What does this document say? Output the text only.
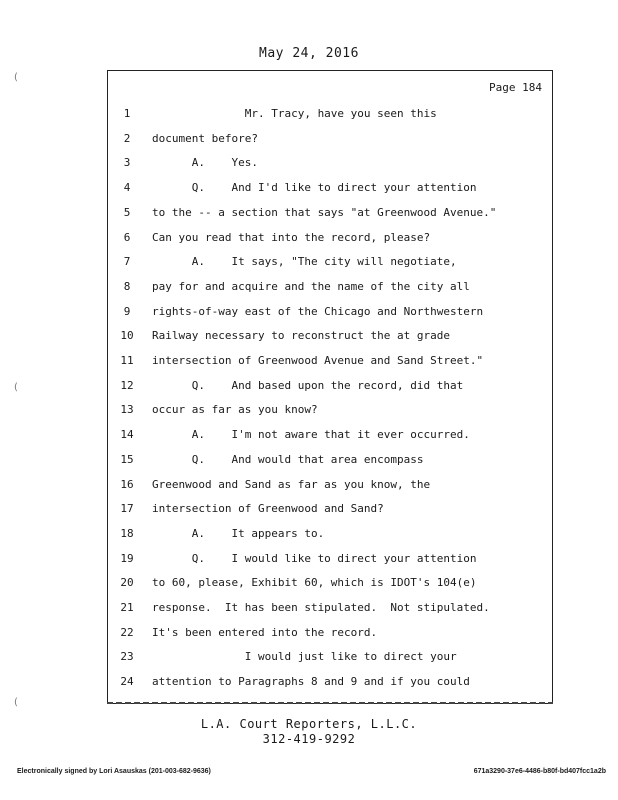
May 24, 2016
(
(
(
Page 184
1	Mr. Tracy, have you seen this
2	document before?
3	A.    Yes.
4	Q.    And I'd like to direct your attention
5	to the -- a section that says "at Greenwood Avenue."
6	Can you read that into the record, please?
7	A.    It says, "The city will negotiate,
8	pay for and acquire and the name of the city all
9	rights-of-way east of the Chicago and Northwestern
10	Railway necessary to reconstruct the at grade
11	intersection of Greenwood Avenue and Sand Street."
12	Q.    And based upon the record, did that
13	occur as far as you know?
14	A.    I'm not aware that it ever occurred.
15	Q.    And would that area encompass
16	Greenwood and Sand as far as you know, the
17	intersection of Greenwood and Sand?
18	A.    It appears to.
19	Q.    I would like to direct your attention
20	to 60, please, Exhibit 60, which is IDOT's 104(e)
21	response.  It has been stipulated.  Not stipulated.
22	It's been entered into the record.
23	I would just like to direct your
24	attention to Paragraphs 8 and 9 and if you could
L.A. Court Reporters, L.L.C.
312-419-9292
Electronically signed by Lori Asauskas (201-003-682-9636)	671a3290-37e6-4486-b80f-bd407fcc1a2b
